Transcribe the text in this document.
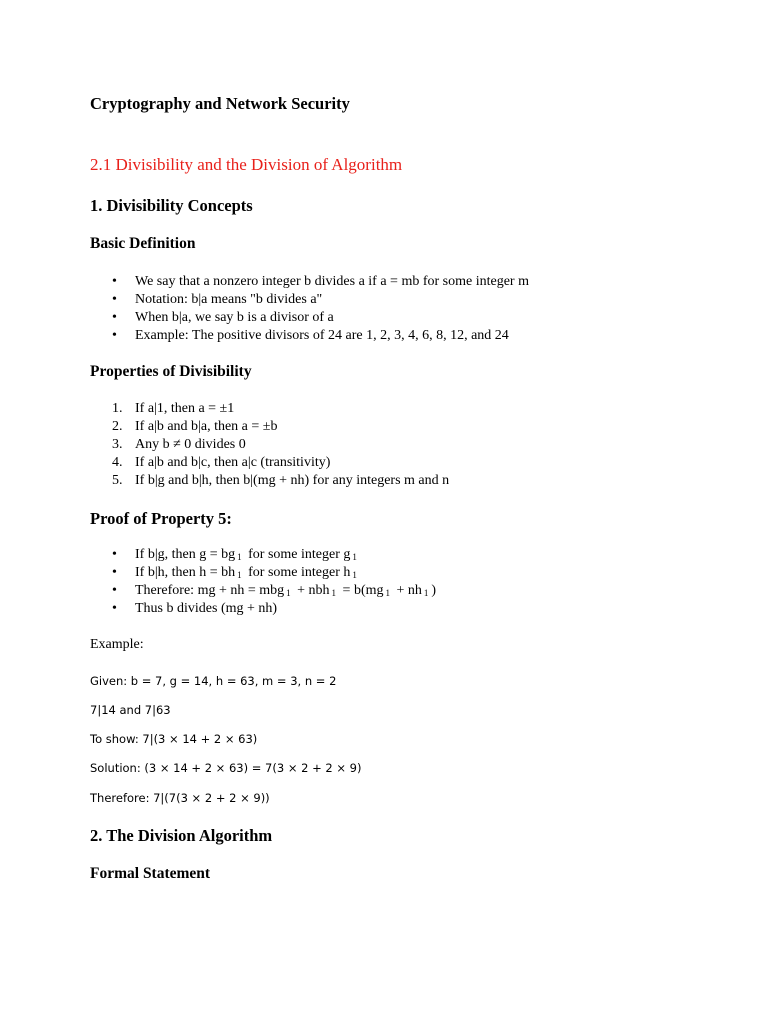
Cryptography and Network Security
2.1 Divisibility and the Division of Algorithm
1. Divisibility Concepts
Basic Definition
•	We say that a nonzero integer b divides a if a = mb for some integer m
•	Notation: b|a means "b divides a"
•	When b|a, we say b is a divisor of a
•	Example: The positive divisors of 24 are 1, 2, 3, 4, 6, 8, 12, and 24
Properties of Divisibility
1. If a|1, then a = ±1
2. If a|b and b|a, then a = ±b
3. Any b ≠ 0 divides 0
4. If a|b and b|c, then a|c (transitivity)
5. If b|g and b|h, then b|(mg + nh) for any integers m and n
Proof of Property 5:
•	If b|g, then g = bg $_1$ for some integer g $_1$
•	If b|h, then h = bh $_1$ for some integer h $_1$
•	Therefore: mg + nh = mbg $_1$ + nbh $_1$ = b(mg $_1$ + nh $_1$ )
•	Thus b divides (mg + nh)

Example:

Given: b = 7, g = 14, h = 63, m = 3, n = 2

7|14 and 7|63

To show: 7|(3 × 14 + 2 × 63)

Solution: (3 × 14 + 2 × 63) = 7(3 × 2 + 2 × 9)

Therefore: 7|(7(3 × 2 + 2 × 9))

2. The Division Algorithm
Formal Statement
